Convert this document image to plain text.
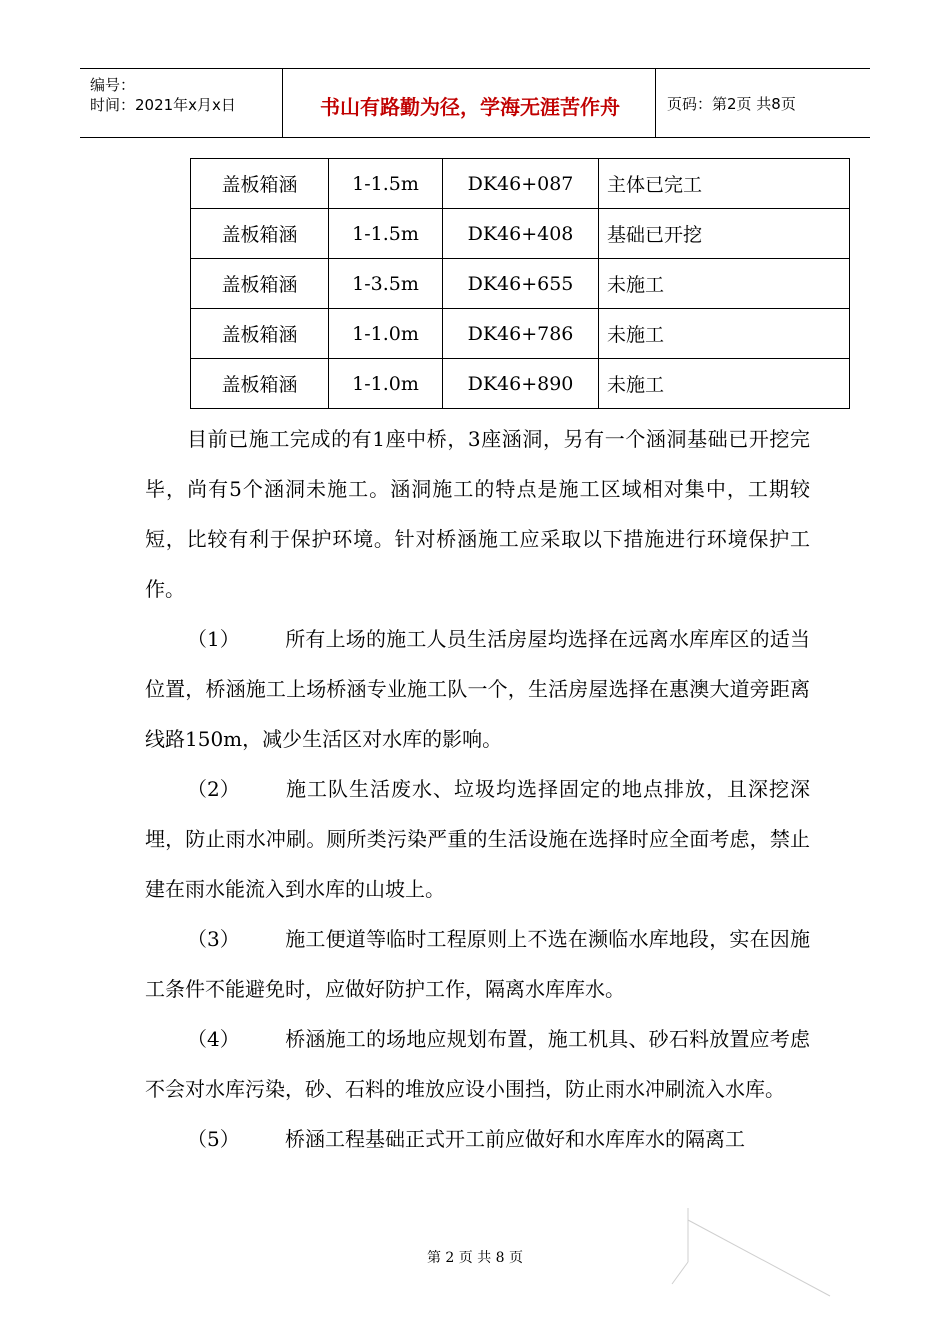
编号：
时间：2021年x月x日	书山有路勤为径，学海无涯苦作舟	页码：第2页 共8页
盖板箱涵	1-1.5m	DK46+087	主体已完工
盖板箱涵	1-1.5m	DK46+408	基础已开挖
盖板箱涵	1-3.5m	DK46+655	未施工
盖板箱涵	1-1.0m	DK46+786	未施工
盖板箱涵	1-1.0m	DK46+890	未施工
目前已施工完成的有1座中桥，3座涵洞，另有一个涵洞基础已开挖完毕，尚有5个涵洞未施工。涵洞施工的特点是施工区域相对集中，工期较短，比较有利于保护环境。针对桥涵施工应采取以下措施进行环境保护工作。
（1） 所有上场的施工人员生活房屋均选择在远离水库库区的适当位置，桥涵施工上场桥涵专业施工队一个，生活房屋选择在惠澳大道旁距离线路150m，减少生活区对水库的影响。
（2） 施工队生活废水、垃圾均选择固定的地点排放，且深挖深埋，防止雨水冲刷。厕所类污染严重的生活设施在选择时应全面考虑，禁止建在雨水能流入到水库的山坡上。
（3） 施工便道等临时工程原则上不选在濒临水库地段，实在因施工条件不能避免时，应做好防护工作，隔离水库库水。
（4） 桥涵施工的场地应规划布置，施工机具、砂石料放置应考虑不会对水库污染，砂、石料的堆放应设小围挡，防止雨水冲刷流入水库。
（5） 桥涵工程基础正式开工前应做好和水库库水的隔离工
第 2 页 共 8 页
